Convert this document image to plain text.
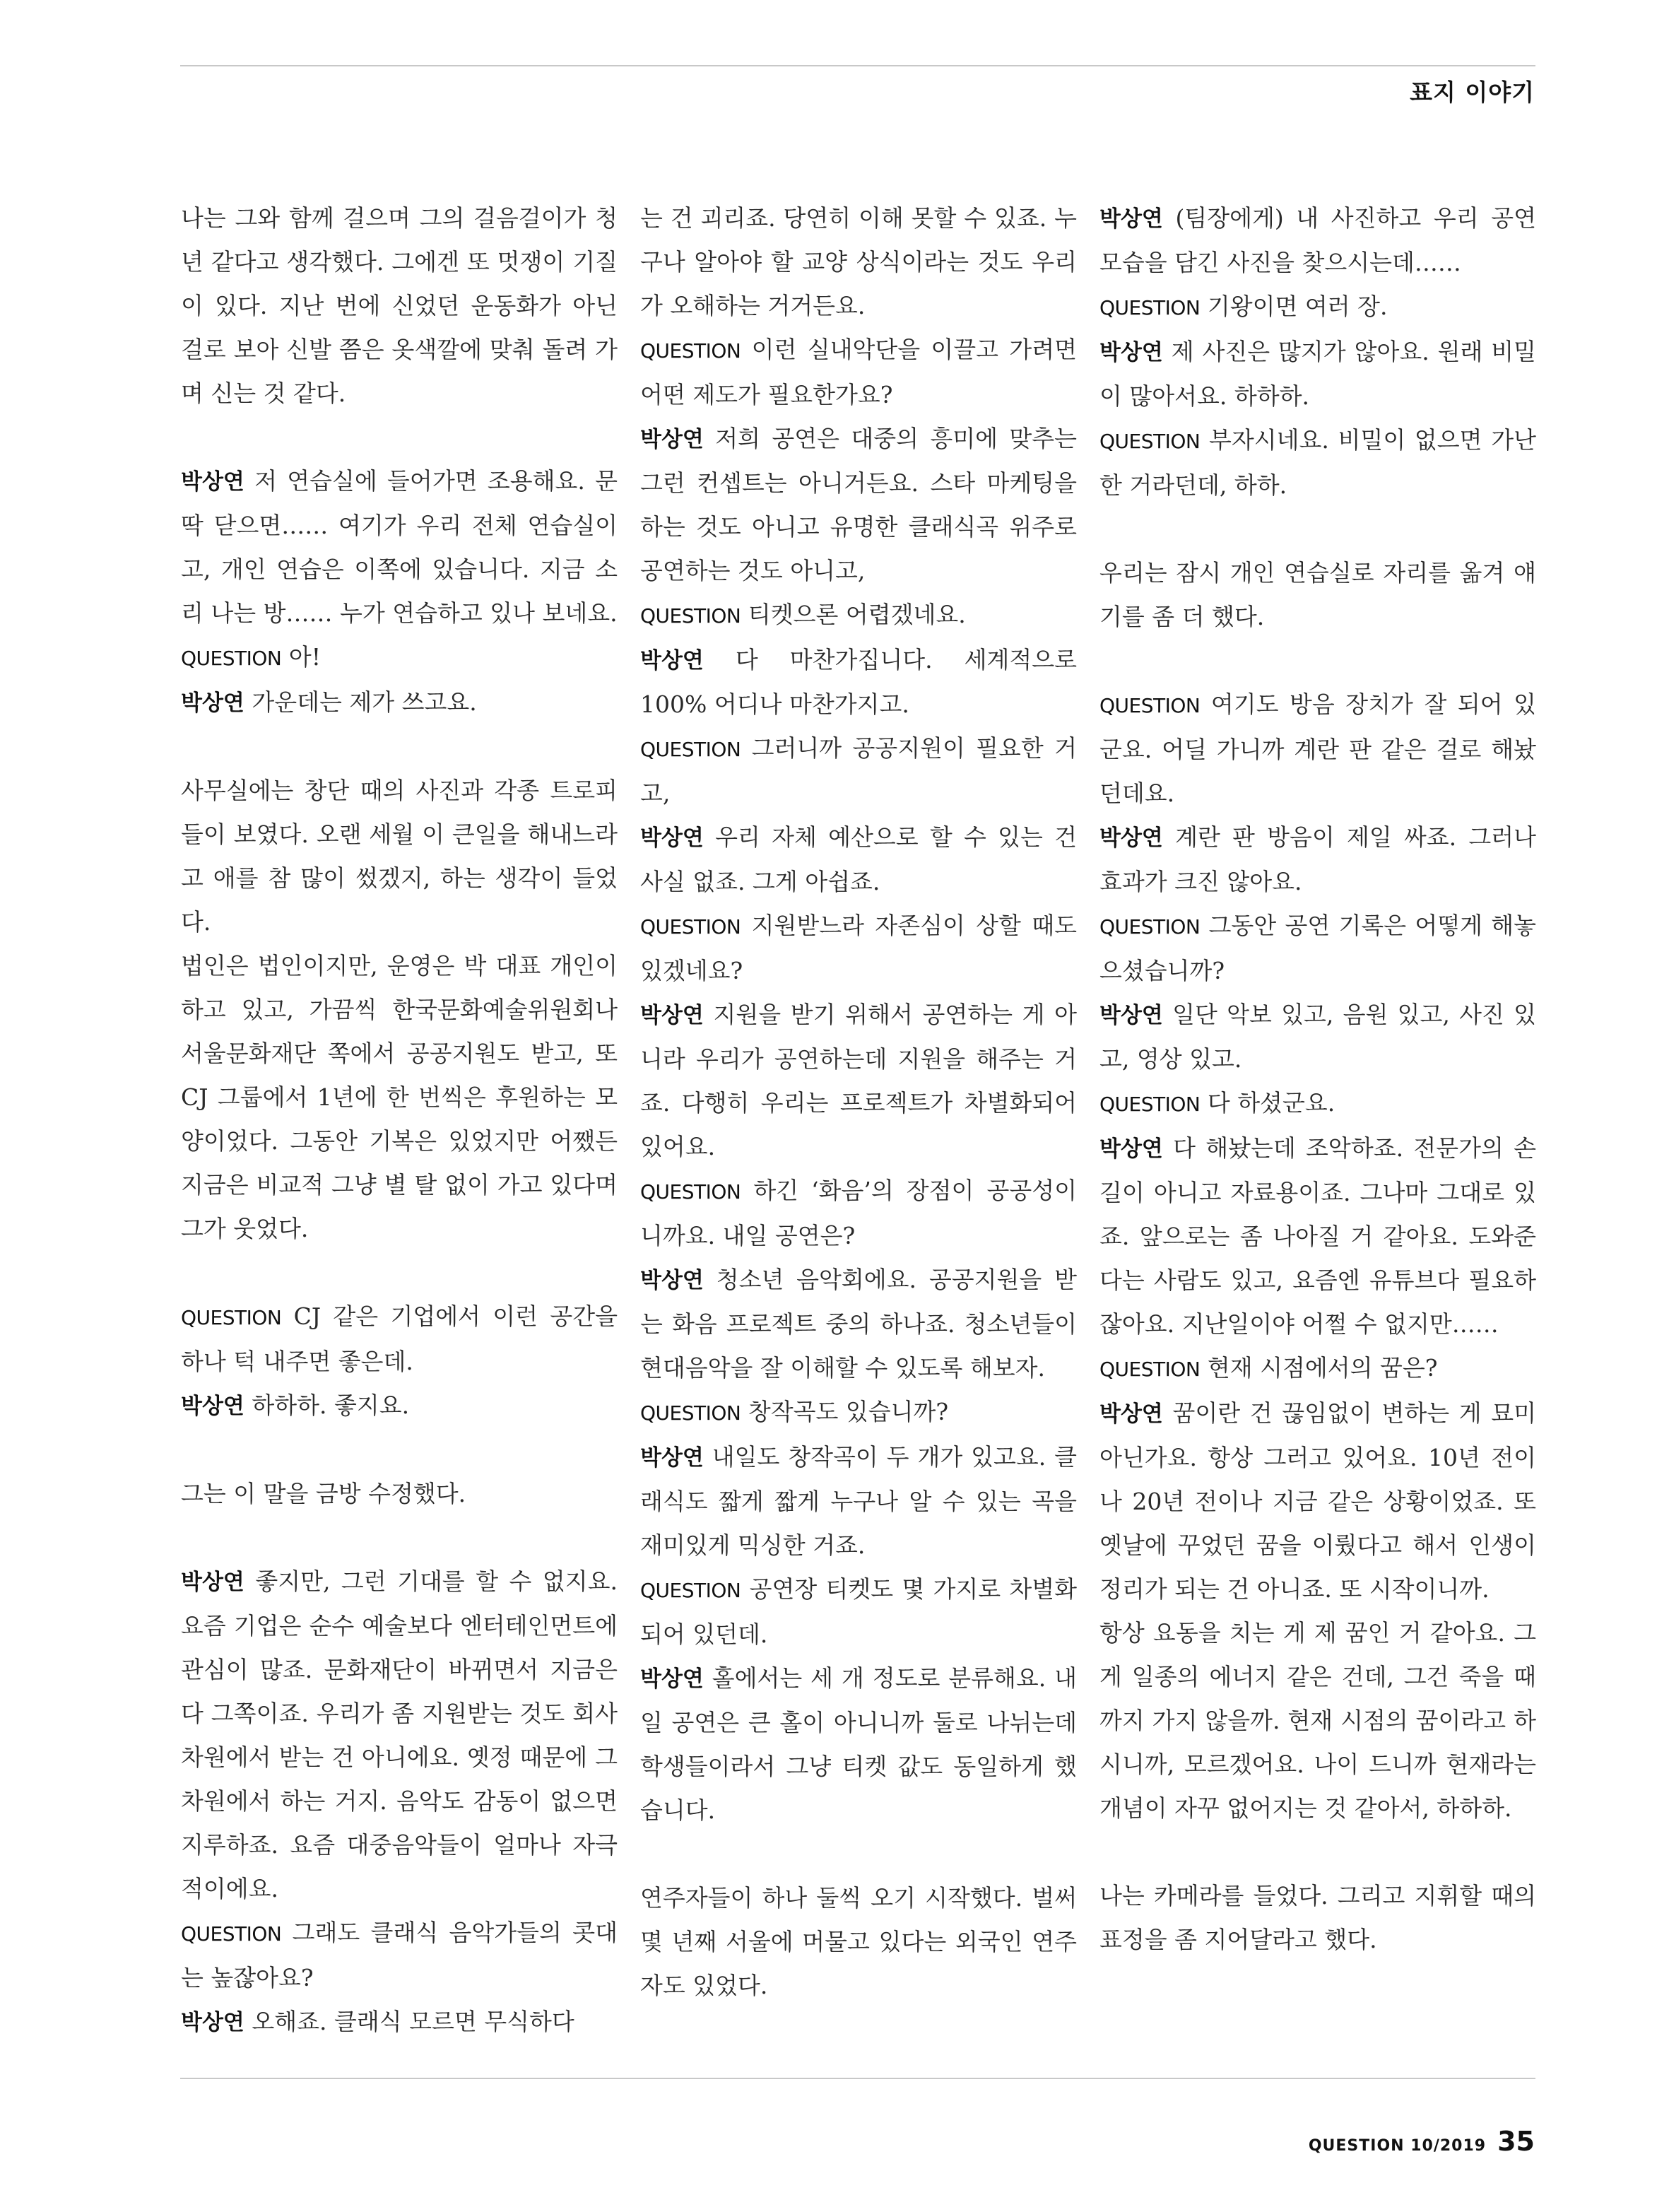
표지 이야기

나는 그와 함께 걸으며 그의 걸음걸이가 청년 같다고 생각했다. 그에겐 또 멋쟁이 기질이 있다. 지난 번에 신었던 운동화가 아닌 걸로 보아 신발 쯤은 옷색깔에 맞춰 돌려 가며 신는 것 같다.

박상연 저 연습실에 들어가면 조용해요. 문 딱 닫으면…… 여기가 우리 전체 연습실이고, 개인 연습은 이쪽에 있습니다. 지금 소리 나는 방…… 누가 연습하고 있나 보네요.

QUESTION 아!

박상연 가운데는 제가 쓰고요.

사무실에는 창단 때의 사진과 각종 트로피들이 보였다. 오랜 세월 이 큰일을 해내느라고 애를 참 많이 썼겠지, 하는 생각이 들었다.

법인은 법인이지만, 운영은 박 대표 개인이 하고 있고, 가끔씩 한국문화예술위원회나 서울문화재단 쪽에서 공공지원도 받고, 또 CJ 그룹에서 1년에 한 번씩은 후원하는 모양이었다. 그동안 기복은 있었지만 어쨌든 지금은 비교적 그냥 별 탈 없이 가고 있다며 그가 웃었다.

QUESTION CJ 같은 기업에서 이런 공간을 하나 턱 내주면 좋은데.

박상연 하하하. 좋지요.

그는 이 말을 금방 수정했다.

박상연 좋지만, 그런 기대를 할 수 없지요. 요즘 기업은 순수 예술보다 엔터테인먼트에 관심이 많죠. 문화재단이 바뀌면서 지금은 다 그쪽이죠. 우리가 좀 지원받는 것도 회사 차원에서 받는 건 아니에요. 옛정 때문에 그 차원에서 하는 거지. 음악도 감동이 없으면 지루하죠. 요즘 대중음악들이 얼마나 자극적이에요.

QUESTION 그래도 클래식 음악가들의 콧대는 높잖아요?

박상연 오해죠. 클래식 모르면 무식하다

는 건 괴리죠. 당연히 이해 못할 수 있죠. 누구나 알아야 할 교양 상식이라는 것도 우리가 오해하는 거거든요.

QUESTION 이런 실내악단을 이끌고 가려면 어떤 제도가 필요한가요?

박상연 저희 공연은 대중의 흥미에 맞추는 그런 컨셉트는 아니거든요. 스타 마케팅을 하는 것도 아니고 유명한 클래식곡 위주로 공연하는 것도 아니고,

QUESTION 티켓으론 어렵겠네요.

박상연 다 마찬가집니다. 세계적으로 100% 어디나 마찬가지고.

QUESTION 그러니까 공공지원이 필요한 거고,

박상연 우리 자체 예산으로 할 수 있는 건 사실 없죠. 그게 아쉽죠.

QUESTION 지원받느라 자존심이 상할 때도 있겠네요?

박상연 지원을 받기 위해서 공연하는 게 아니라 우리가 공연하는데 지원을 해주는 거죠. 다행히 우리는 프로젝트가 차별화되어 있어요.

QUESTION 하긴 ‘화음’의 장점이 공공성이니까요. 내일 공연은?

박상연 청소년 음악회에요. 공공지원을 받는 화음 프로젝트 중의 하나죠. 청소년들이 현대음악을 잘 이해할 수 있도록 해보자.

QUESTION 창작곡도 있습니까?

박상연 내일도 창작곡이 두 개가 있고요. 클래식도 짧게 짧게 누구나 알 수 있는 곡을 재미있게 믹싱한 거죠.

QUESTION 공연장 티켓도 몇 가지로 차별화되어 있던데.

박상연 홀에서는 세 개 정도로 분류해요. 내일 공연은 큰 홀이 아니니까 둘로 나뉘는데 학생들이라서 그냥 티켓 값도 동일하게 했습니다.

연주자들이 하나 둘씩 오기 시작했다. 벌써 몇 년째 서울에 머물고 있다는 외국인 연주자도 있었다.

박상연 (팀장에게) 내 사진하고 우리 공연 모습을 담긴 사진을 찾으시는데……

QUESTION 기왕이면 여러 장.

박상연 제 사진은 많지가 않아요. 원래 비밀이 많아서요. 하하하.

QUESTION 부자시네요. 비밀이 없으면 가난한 거라던데, 하하.

우리는 잠시 개인 연습실로 자리를 옮겨 얘기를 좀 더 했다.

QUESTION 여기도 방음 장치가 잘 되어 있군요. 어딜 가니까 계란 판 같은 걸로 해놨던데요.

박상연 계란 판 방음이 제일 싸죠. 그러나 효과가 크진 않아요.

QUESTION 그동안 공연 기록은 어떻게 해놓으셨습니까?

박상연 일단 악보 있고, 음원 있고, 사진 있고, 영상 있고.

QUESTION 다 하셨군요.

박상연 다 해놨는데 조악하죠. 전문가의 손길이 아니고 자료용이죠. 그나마 그대로 있죠. 앞으로는 좀 나아질 거 같아요. 도와준다는 사람도 있고, 요즘엔 유튜브다 필요하잖아요. 지난일이야 어쩔 수 없지만……

QUESTION 현재 시점에서의 꿈은?

박상연 꿈이란 건 끊임없이 변하는 게 묘미 아닌가요. 항상 그러고 있어요. 10년 전이나 20년 전이나 지금 같은 상황이었죠. 또 옛날에 꾸었던 꿈을 이뤘다고 해서 인생이 정리가 되는 건 아니죠. 또 시작이니까.

항상 요동을 치는 게 제 꿈인 거 같아요. 그게 일종의 에너지 같은 건데, 그건 죽을 때까지 가지 않을까. 현재 시점의 꿈이라고 하시니까, 모르겠어요. 나이 드니까 현재라는 개념이 자꾸 없어지는 것 같아서, 하하하.

나는 카메라를 들었다. 그리고 지휘할 때의 표정을 좀 지어달라고 했다.

QUESTION 10/2019 35
